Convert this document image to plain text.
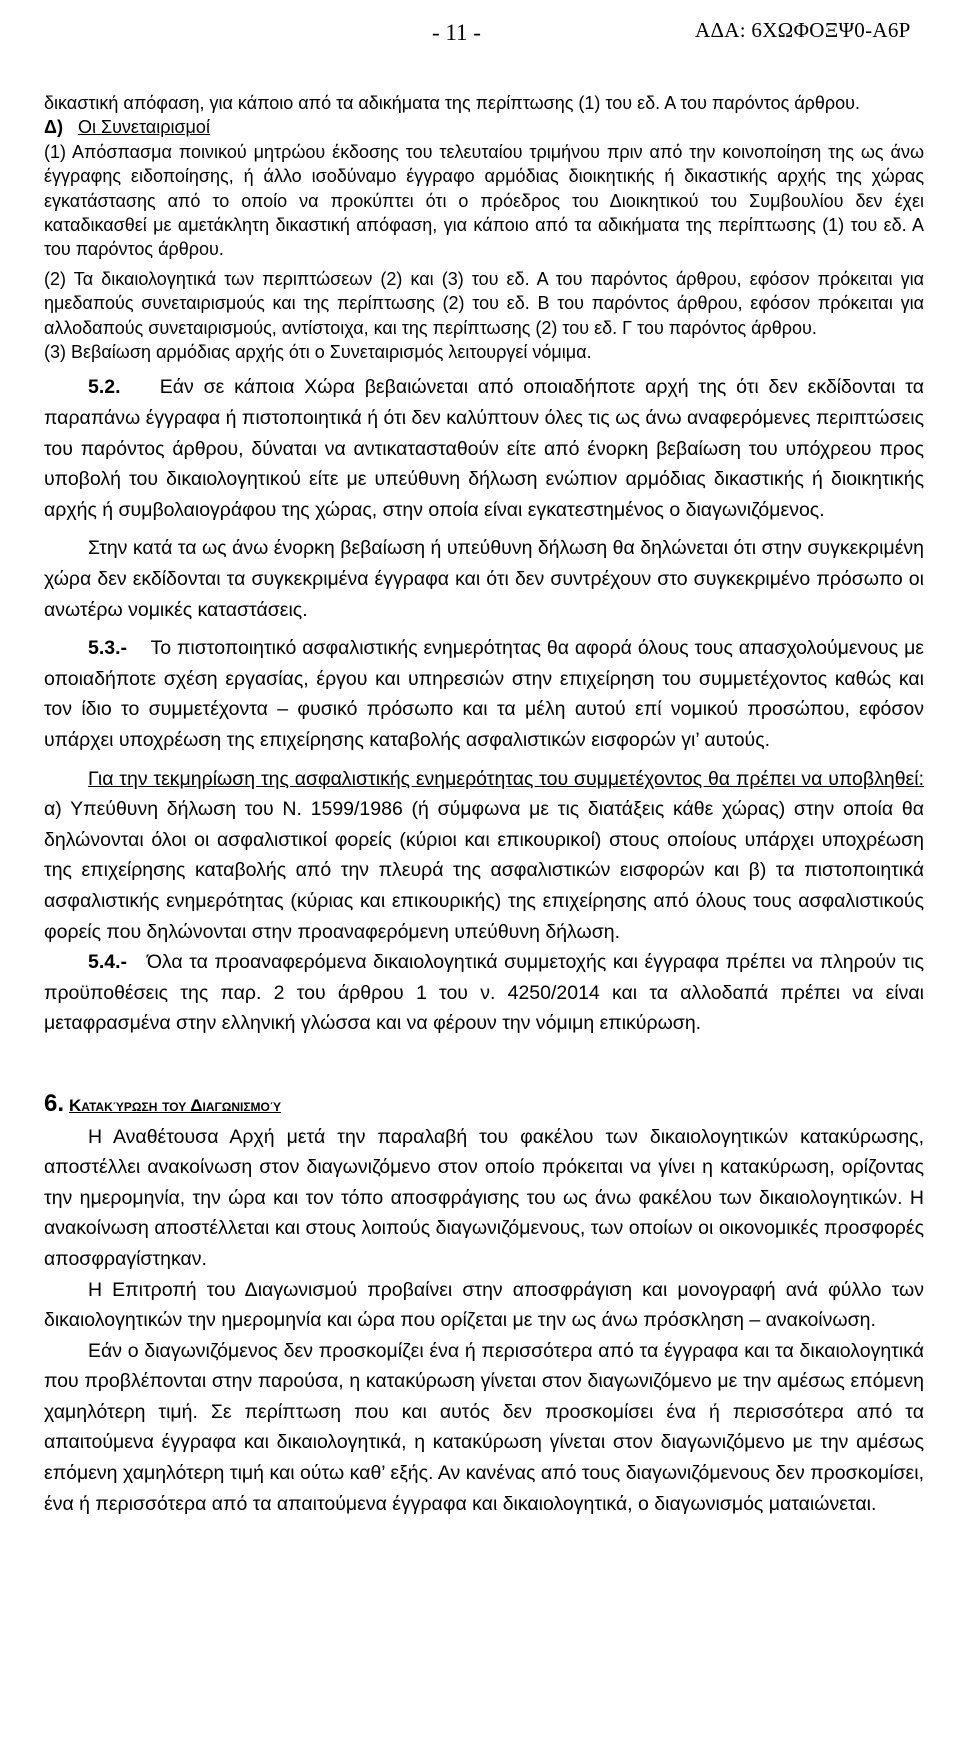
- 11 -	ΑΔΑ: 6ΧΩΦΟΞΨ0-Α6Ρ

δικαστική απόφαση, για κάποιο από τα αδικήματα της περίπτωσης (1) του εδ. Α του παρόντος άρθρου.

Δ) Οι Συνεταιρισμοί

(1) Απόσπασμα ποινικού μητρώου έκδοσης του τελευταίου τριμήνου πριν από την κοινοποίηση της ως άνω έγγραφης ειδοποίησης, ή άλλο ισοδύναμο έγγραφο αρμόδιας διοικητικής ή δικαστικής αρχής της χώρας εγκατάστασης από το οποίο να προκύπτει ότι ο πρόεδρος του Διοικητικού του Συμβουλίου δεν έχει καταδικασθεί με αμετάκλητη δικαστική απόφαση, για κάποιο από τα αδικήματα της περίπτωσης (1) του εδ. Α του παρόντος άρθρου.

(2) Τα δικαιολογητικά των περιπτώσεων (2) και (3) του εδ. Α του παρόντος άρθρου, εφόσον πρόκειται για ημεδαπούς συνεταιρισμούς και της περίπτωσης (2) του εδ. Β του παρόντος άρθρου, εφόσον πρόκειται για αλλοδαπούς συνεταιρισμούς, αντίστοιχα, και της περίπτωσης (2) του εδ. Γ του παρόντος άρθρου.

(3) Βεβαίωση αρμόδιας αρχής ότι ο Συνεταιρισμός λειτουργεί νόμιμα.

5.2. Εάν σε κάποια Χώρα βεβαιώνεται από οποιαδήποτε αρχή της ότι δεν εκδίδονται τα παραπάνω έγγραφα ή πιστοποιητικά ή ότι δεν καλύπτουν όλες τις ως άνω αναφερόμενες περιπτώσεις του παρόντος άρθρου, δύναται να αντικατασταθούν είτε από ένορκη βεβαίωση του υπόχρεου προς υποβολή του δικαιολογητικού είτε με υπεύθυνη δήλωση ενώπιον αρμόδιας δικαστικής ή διοικητικής αρχής ή συμβολαιογράφου της χώρας, στην οποία είναι εγκατεστημένος ο διαγωνιζόμενος.

Στην κατά τα ως άνω ένορκη βεβαίωση ή υπεύθυνη δήλωση θα δηλώνεται ότι στην συγκεκριμένη χώρα δεν εκδίδονται τα συγκεκριμένα έγγραφα και ότι δεν συντρέχουν στο συγκεκριμένο πρόσωπο οι ανωτέρω νομικές καταστάσεις.

5.3.- Το πιστοποιητικό ασφαλιστικής ενημερότητας θα αφορά όλους τους απασχολούμενους με οποιαδήποτε σχέση εργασίας, έργου και υπηρεσιών στην επιχείρηση του συμμετέχοντος καθώς και τον ίδιο το συμμετέχοντα – φυσικό πρόσωπο και τα μέλη αυτού επί νομικού προσώπου, εφόσον υπάρχει υποχρέωση της επιχείρησης καταβολής ασφαλιστικών εισφορών γι’ αυτούς.

Για την τεκμηρίωση της ασφαλιστικής ενημερότητας του συμμετέχοντος θα πρέπει να υποβληθεί: α) Υπεύθυνη δήλωση του Ν. 1599/1986 (ή σύμφωνα με τις διατάξεις κάθε χώρας) στην οποία θα δηλώνονται όλοι οι ασφαλιστικοί φορείς (κύριοι και επικουρικοί) στους οποίους υπάρχει υποχρέωση της επιχείρησης καταβολής από την πλευρά της ασφαλιστικών εισφορών και β) τα πιστοποιητικά ασφαλιστικής ενημερότητας (κύριας και επικουρικής) της επιχείρησης από όλους τους ασφαλιστικούς φορείς που δηλώνονται στην προαναφερόμενη υπεύθυνη δήλωση.

5.4.- Όλα τα προαναφερόμενα δικαιολογητικά συμμετοχής και έγγραφα πρέπει να πληρούν τις προϋποθέσεις της παρ. 2 του άρθρου 1 του ν. 4250/2014 και τα αλλοδαπά πρέπει να είναι μεταφρασμένα στην ελληνική γλώσσα και να φέρουν την νόμιμη επικύρωση.

6. Κατακύρωση του Διαγωνισμού

Η Αναθέτουσα Αρχή μετά την παραλαβή του φακέλου των δικαιολογητικών κατακύρωσης, αποστέλλει ανακοίνωση στον διαγωνιζόμενο στον οποίο πρόκειται να γίνει η κατακύρωση, ορίζοντας την ημερομηνία, την ώρα και τον τόπο αποσφράγισης του ως άνω φακέλου των δικαιολογητικών. Η ανακοίνωση αποστέλλεται και στους λοιπούς διαγωνιζόμενους, των οποίων οι οικονομικές προσφορές αποσφραγίστηκαν.

Η Επιτροπή του Διαγωνισμού προβαίνει στην αποσφράγιση και μονογραφή ανά φύλλο των δικαιολογητικών την ημερομηνία και ώρα που ορίζεται με την ως άνω πρόσκληση – ανακοίνωση.

Εάν ο διαγωνιζόμενος δεν προσκομίζει ένα ή περισσότερα από τα έγγραφα και τα δικαιολογητικά που προβλέπονται στην παρούσα, η κατακύρωση γίνεται στον διαγωνιζόμενο με την αμέσως επόμενη χαμηλότερη τιμή. Σε περίπτωση που και αυτός δεν προσκομίσει ένα ή περισσότερα από τα απαιτούμενα έγγραφα και δικαιολογητικά, η κατακύρωση γίνεται στον διαγωνιζόμενο με την αμέσως επόμενη χαμηλότερη τιμή και ούτω καθ’ εξής. Αν κανένας από τους διαγωνιζόμενους δεν προσκομίσει, ένα ή περισσότερα από τα απαιτούμενα έγγραφα και δικαιολογητικά, ο διαγωνισμός ματαιώνεται.
